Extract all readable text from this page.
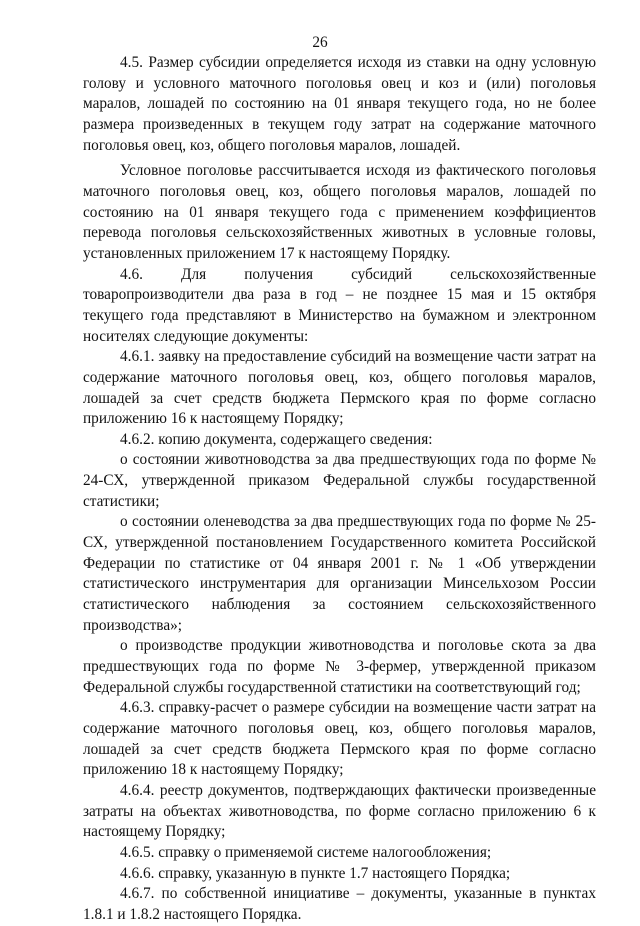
26

4.5. Размер субсидии определяется исходя из ставки на одну условную голову и условного маточного поголовья овец и коз и (или) поголовья маралов, лошадей по состоянию на 01 января текущего года, но не более размера произведенных в текущем году затрат на содержание маточного поголовья овец, коз, общего поголовья маралов, лошадей.

Условное поголовье рассчитывается исходя из фактического поголовья маточного поголовья овец, коз, общего поголовья маралов, лошадей по состоянию на 01 января текущего года с применением коэффициентов перевода поголовья сельскохозяйственных животных в условные головы, установленных приложением 17 к настоящему Порядку.

4.6. Для получения субсидий сельскохозяйственные товаропроизводители два раза в год – не позднее 15 мая и 15 октября текущего года представляют в Министерство на бумажном и электронном носителях следующие документы:

4.6.1. заявку на предоставление субсидий на возмещение части затрат на содержание маточного поголовья овец, коз, общего поголовья маралов, лошадей за счет средств бюджета Пермского края по форме согласно приложению 16 к настоящему Порядку;

4.6.2. копию документа, содержащего сведения:

о состоянии животноводства за два предшествующих года по форме № 24-СХ, утвержденной приказом Федеральной службы государственной статистики;

о состоянии оленеводства за два предшествующих года по форме № 25-СХ, утвержденной постановлением Государственного комитета Российской Федерации по статистике от 04 января 2001 г. № 1 «Об утверждении статистического инструментария для организации Минсельхозом России статистического наблюдения за состоянием сельскохозяйственного производства»;

о производстве продукции животноводства и поголовье скота за два предшествующих года по форме № 3-фермер, утвержденной приказом Федеральной службы государственной статистики на соответствующий год;

4.6.3. справку-расчет о размере субсидии на возмещение части затрат на содержание маточного поголовья овец, коз, общего поголовья маралов, лошадей за счет средств бюджета Пермского края по форме согласно приложению 18 к настоящему Порядку;

4.6.4. реестр документов, подтверждающих фактически произведенные затраты на объектах животноводства, по форме согласно приложению 6 к настоящему Порядку;

4.6.5. справку о применяемой системе налогообложения;

4.6.6. справку, указанную в пункте 1.7 настоящего Порядка;

4.6.7. по собственной инициативе – документы, указанные в пунктах 1.8.1 и 1.8.2 настоящего Порядка.
